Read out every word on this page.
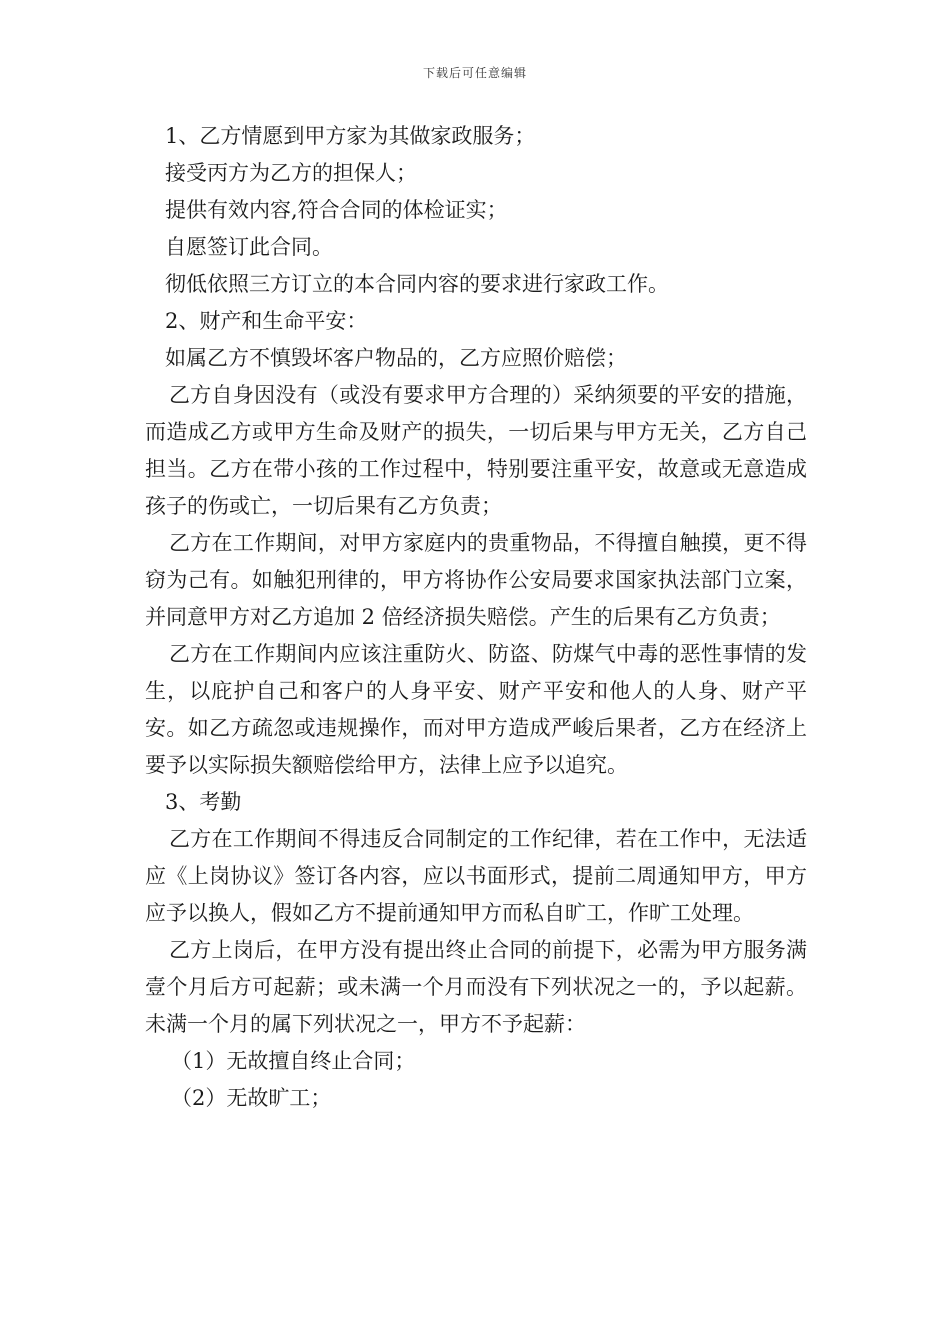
下载后可任意编辑

1、乙方情愿到甲方家为其做家政服务；

接受丙方为乙方的担保人；

提供有效内容,符合合同的体检证实；

自愿签订此合同。

彻低依照三方订立的本合同内容的要求进行家政工作。

2、财产和生命平安：

如属乙方不慎毁坏客户物品的，乙方应照价赔偿；

乙方自身因没有（或没有要求甲方合理的）采纳须要的平安的措施，而造成乙方或甲方生命及财产的损失，一切后果与甲方无关，乙方自己担当。乙方在带小孩的工作过程中，特别要注重平安，故意或无意造成孩子的伤或亡，一切后果有乙方负责；

乙方在工作期间，对甲方家庭内的贵重物品，不得擅自触摸，更不得窃为己有。如触犯刑律的，甲方将协作公安局要求国家执法部门立案，并同意甲方对乙方追加 2 倍经济损失赔偿。产生的后果有乙方负责；

乙方在工作期间内应该注重防火、防盗、防煤气中毒的恶性事情的发生，以庇护自己和客户的人身平安、财产平安和他人的人身、财产平安。如乙方疏忽或违规操作，而对甲方造成严峻后果者，乙方在经济上要予以实际损失额赔偿给甲方，法律上应予以追究。

3、考勤

乙方在工作期间不得违反合同制定的工作纪律，若在工作中，无法适应《上岗协议》签订各内容，应以书面形式，提前二周通知甲方，甲方应予以换人，假如乙方不提前通知甲方而私自旷工，作旷工处理。

乙方上岗后，在甲方没有提出终止合同的前提下，必需为甲方服务满壹个月后方可起薪；或未满一个月而没有下列状况之一的，予以起薪。未满一个月的属下列状况之一，甲方不予起薪：

（1）无故擅自终止合同；

（2）无故旷工；
